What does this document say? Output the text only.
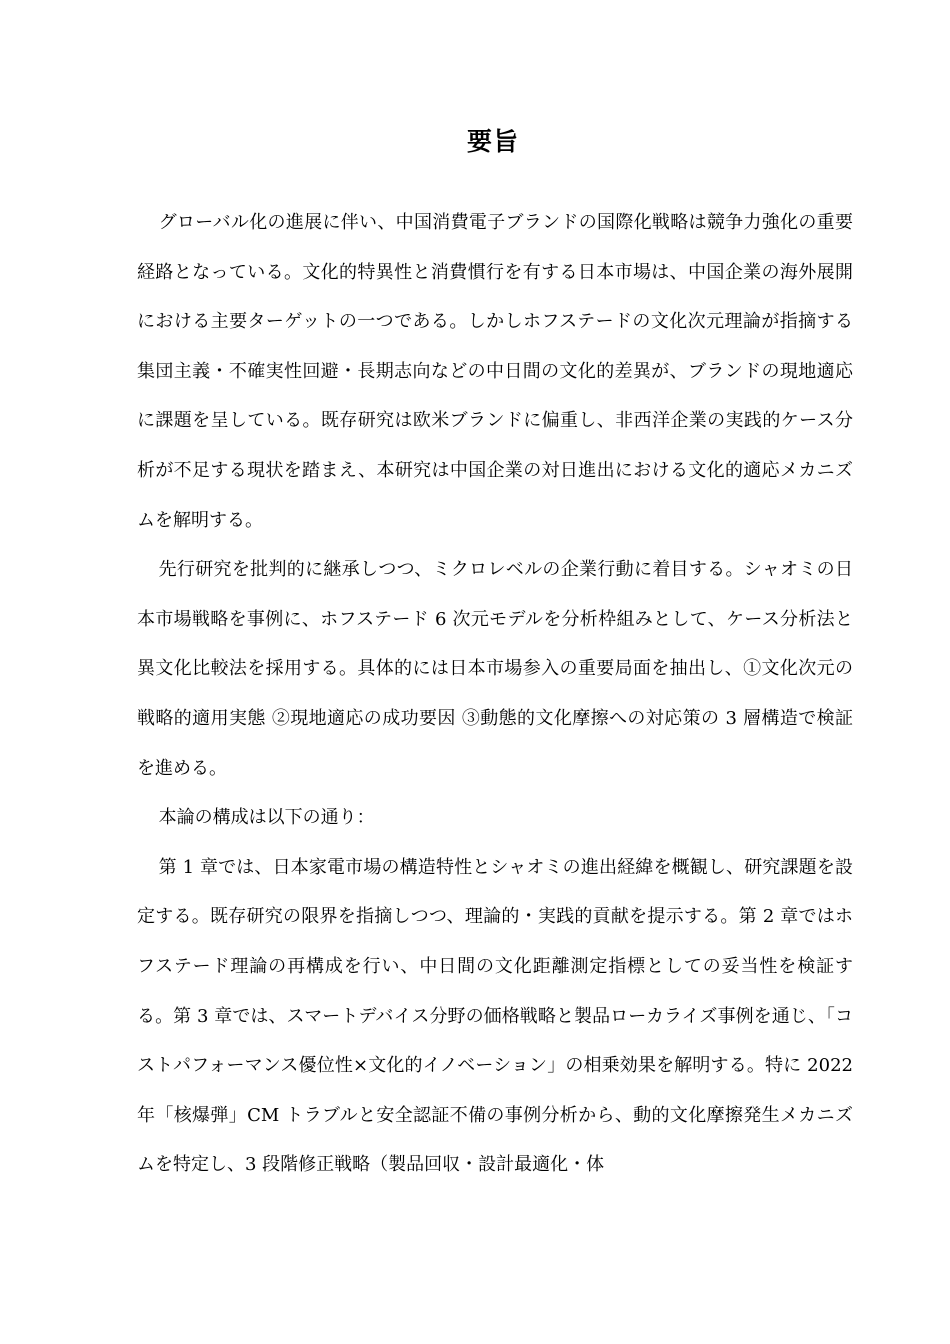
要旨

グローバル化の進展に伴い、中国消費電子ブランドの国際化戦略は競争力強化の重要経路となっている。文化的特異性と消費慣行を有する日本市場は、中国企業の海外展開における主要ターゲットの一つである。しかしホフステードの文化次元理論が指摘する集団主義・不確実性回避・長期志向などの中日間の文化的差異が、ブランドの現地適応に課題を呈している。既存研究は欧米ブランドに偏重し、非西洋企業の実践的ケース分析が不足する現状を踏まえ、本研究は中国企業の対日進出における文化的適応メカニズムを解明する。

先行研究を批判的に継承しつつ、ミクロレベルの企業行動に着目する。シャオミの日本市場戦略を事例に、ホフステード 6 次元モデルを分析枠組みとして、ケース分析法と異文化比較法を採用する。具体的には日本市場参入の重要局面を抽出し、①文化次元の戦略的適用実態 ②現地適応の成功要因 ③動態的文化摩擦への対応策の 3 層構造で検証を進める。

本論の構成は以下の通り：

第 1 章では、日本家電市場の構造特性とシャオミの進出経緯を概観し、研究課題を設定する。既存研究の限界を指摘しつつ、理論的・実践的貢献を提示する。第 2 章ではホフステード理論の再構成を行い、中日間の文化距離測定指標としての妥当性を検証する。第 3 章では、スマートデバイス分野の価格戦略と製品ローカライズ事例を通じ、「コストパフォーマンス優位性×文化的イノベーション」の相乗効果を解明する。特に 2022 年「核爆弾」CM トラブルと安全認証不備の事例分析から、動的文化摩擦発生メカニズムを特定し、3 段階修正戦略（製品回収・設計最適化・体
